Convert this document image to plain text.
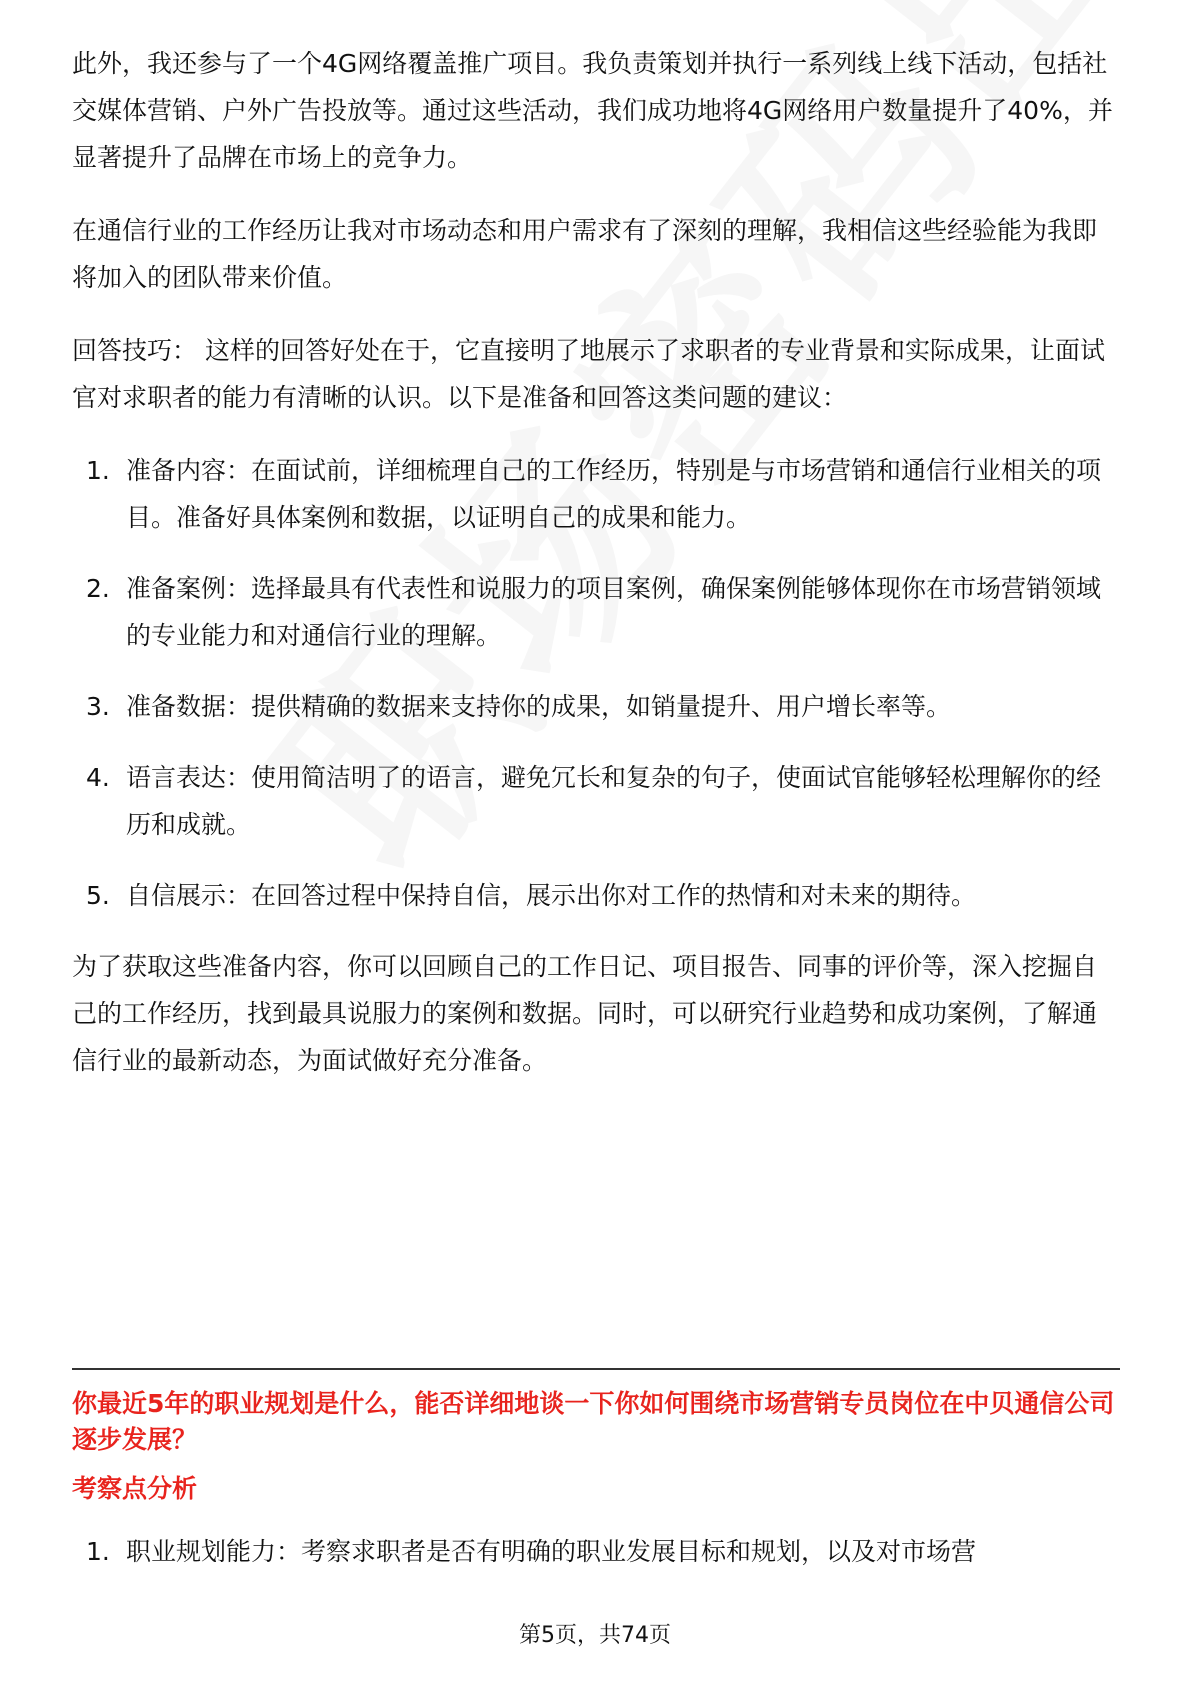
此外，我还参与了一个4G网络覆盖推广项目。我负责策划并执行一系列线上线下活动，包括社交媒体营销、户外广告投放等。通过这些活动，我们成功地将4G网络用户数量提升了40%，并显著提升了品牌在市场上的竞争力。

在通信行业的工作经历让我对市场动态和用户需求有了深刻的理解，我相信这些经验能为我即将加入的团队带来价值。

回答技巧： 这样的回答好处在于，它直接明了地展示了求职者的专业背景和实际成果，让面试官对求职者的能力有清晰的认识。以下是准备和回答这类问题的建议：

1. 准备内容：在面试前，详细梳理自己的工作经历，特别是与市场营销和通信行业相关的项目。准备好具体案例和数据，以证明自己的成果和能力。
2. 准备案例：选择最具有代表性和说服力的项目案例，确保案例能够体现你在市场营销领域的专业能力和对通信行业的理解。
3. 准备数据：提供精确的数据来支持你的成果，如销量提升、用户增长率等。
4. 语言表达：使用简洁明了的语言，避免冗长和复杂的句子，使面试官能够轻松理解你的经历和成就。
5. 自信展示：在回答过程中保持自信，展示出你对工作的热情和对未来的期待。

为了获取这些准备内容，你可以回顾自己的工作日记、项目报告、同事的评价等，深入挖掘自己的工作经历，找到最具说服力的案例和数据。同时，可以研究行业趋势和成功案例，了解通信行业的最新动态，为面试做好充分准备。

你最近5年的职业规划是什么，能否详细地谈一下你如何围绕市场营销专员岗位在中贝通信公司逐步发展？

考察点分析

1. 职业规划能力：考察求职者是否有明确的职业发展目标和规划，以及对市场营
第5页，共74页
